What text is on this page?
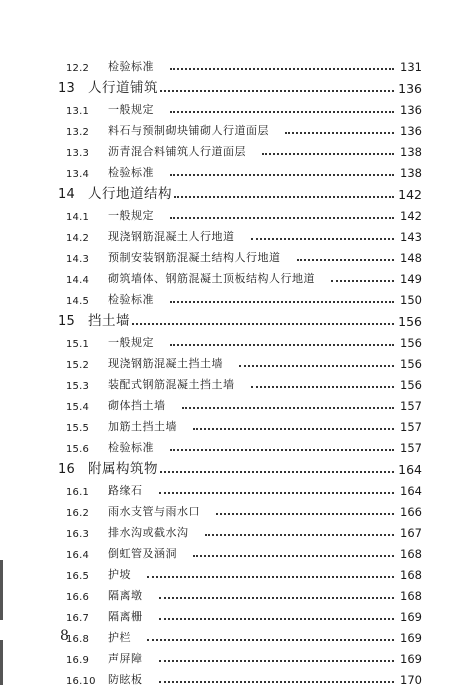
12.2	检验标准	131
13 人行道铺筑	136
13.1	一般规定	136
13.2	料石与预制砌块铺砌人行道面层	136
13.3	沥青混合料铺筑人行道面层	138
13.4	检验标准	138
14 人行地道结构	142
14.1	一般规定	142
14.2	现浇钢筋混凝土人行地道	143
14.3	预制安装钢筋混凝土结构人行地道	148
14.4	砌筑墙体、钢筋混凝土顶板结构人行地道	149
14.5	检验标准	150
15 挡土墙	156
15.1	一般规定	156
15.2	现浇钢筋混凝土挡土墙	156
15.3	装配式钢筋混凝土挡土墙	156
15.4	砌体挡土墙	157
15.5	加筋土挡土墙	157
15.6	检验标准	157
16 附属构筑物	164
16.1	路缘石	164
16.2	雨水支管与雨水口	166
16.3	排水沟或截水沟	167
16.4	倒虹管及涵洞	168
16.5	护坡	168
16.6	隔离墩	168
16.7	隔离栅	169
16.8	护栏	169
16.9	声屏障	169
16.10	防眩板	170
8
